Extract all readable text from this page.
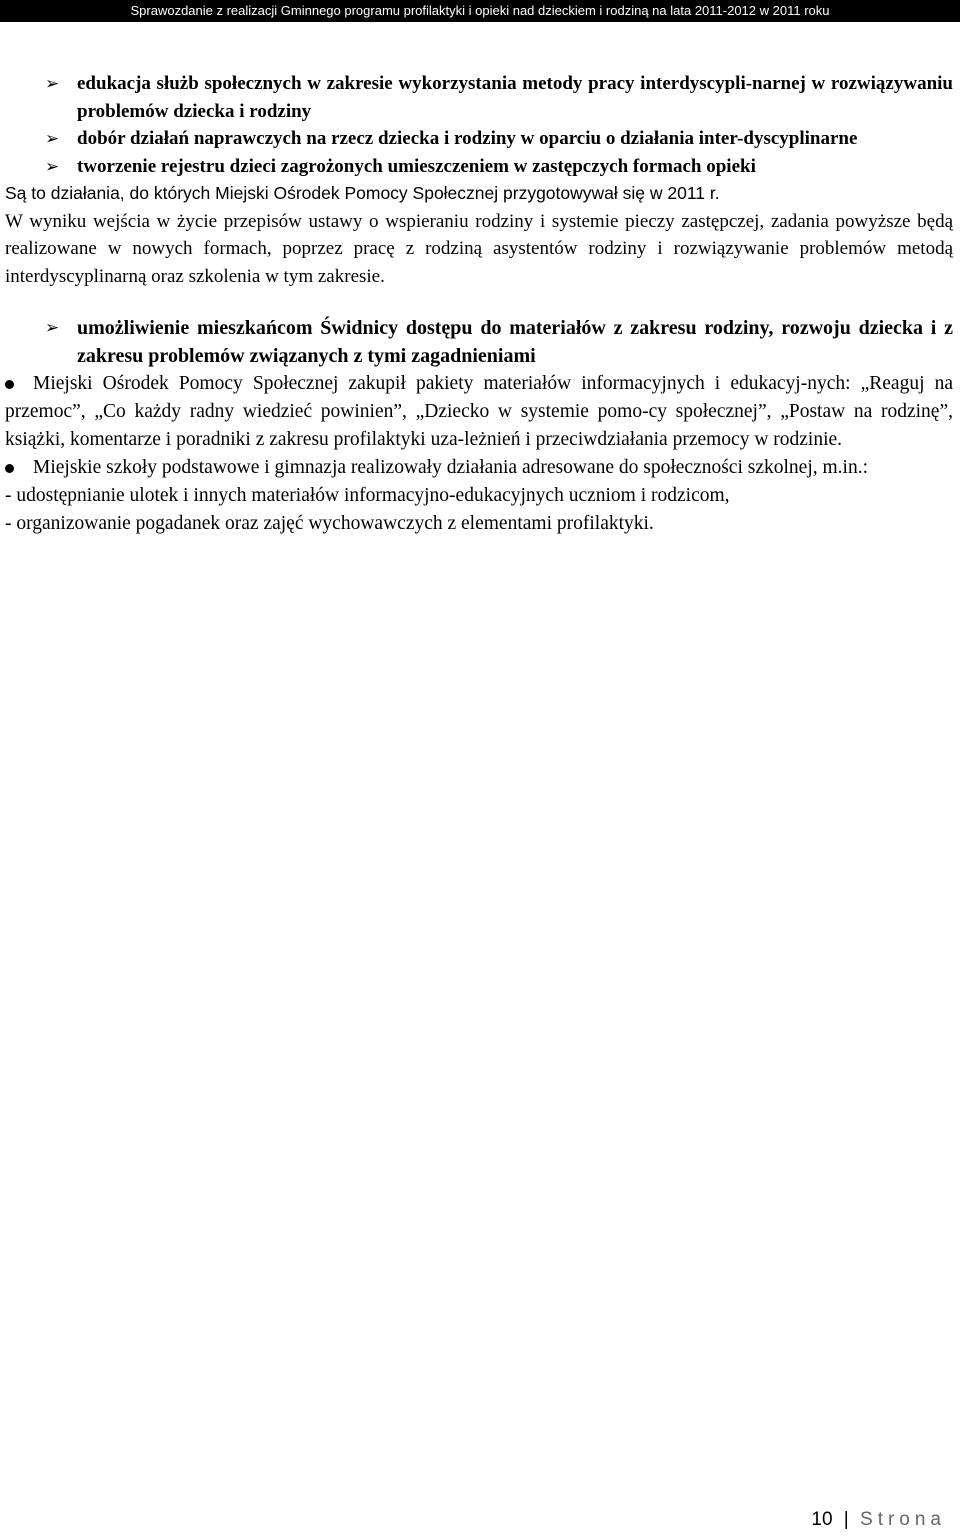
Sprawozdanie z realizacji Gminnego programu profilaktyki i opieki nad dzieckiem i rodziną na lata 2011-2012 w 2011 roku
➢ edukacja służb społecznych w zakresie wykorzystania metody pracy interdyscypli-narnej w rozwiązywaniu problemów dziecka i rodziny
➢ dobór działań naprawczych na rzecz dziecka i rodziny w oparciu o działania inter-dyscyplinarne
➢ tworzenie rejestru dzieci zagrożonych umieszczeniem w zastępczych formach opieki
Są to działania, do których Miejski Ośrodek Pomocy Społecznej przygotowywał się w 2011 r.
W wyniku wejścia w życie przepisów ustawy o wspieraniu rodziny i systemie pieczy zastępczej, zadania powyższe będą realizowane w nowych formach, poprzez pracę z rodziną asystentów rodziny i rozwiązywanie problemów metodą interdyscyplinarną oraz szkolenia w tym zakresie.
➢ umożliwienie mieszkańcom Świdnicy dostępu do materiałów z zakresu rodziny, rozwoju dziecka i z zakresu problemów związanych z tymi zagadnieniami
Miejski Ośrodek Pomocy Społecznej zakupił pakiety materiałów informacyjnych i edukacyj-nych: „Reaguj na przemoc”, „Co każdy radny wiedzieć powinien”, „Dziecko w systemie pomo-cy społecznej”, „Postaw na rodzinę”, książki, komentarze i poradniki z zakresu profilaktyki uza-leżnień i przeciwdziałania przemocy w rodzinie.
Miejskie szkoły podstawowe i gimnazja realizowały działania adresowane do społeczności szkolnej, m.in.:
- udostępnianie ulotek i innych materiałów informacyjno-edukacyjnych uczniom i rodzicom,
- organizowanie pogadanek oraz zajęć wychowawczych z elementami profilaktyki.
10 | Strona
